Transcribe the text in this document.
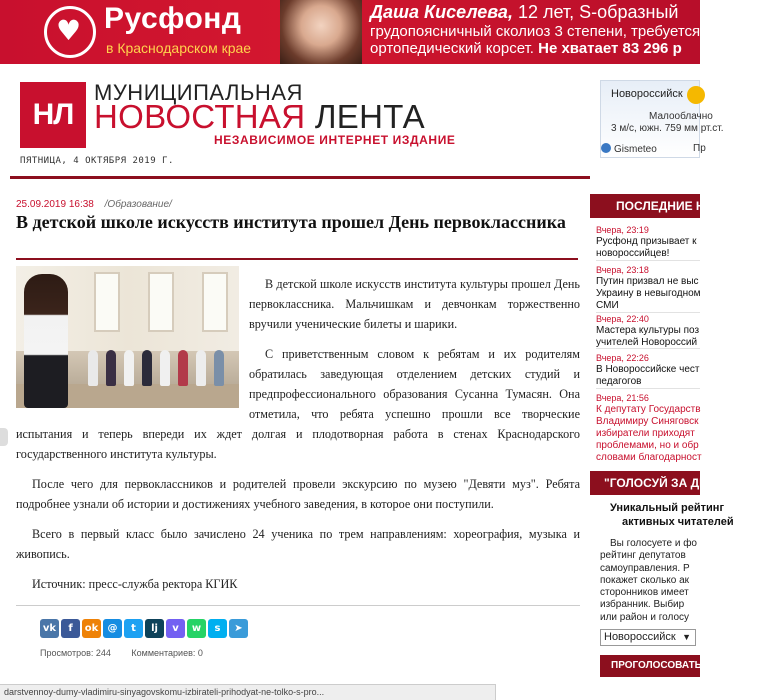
♥ Русфонд
в Краснодарском крае
Даша Киселева, 12 лет, S-образный
грудопоясничный сколиоз 3 степени, требуется
ортопедический корсет. Не хватает 83 296 р
НЛ
МУНИЦИПАЛЬНАЯ
НОВОСТНАЯ ЛЕНТА
НЕЗАВИСИМОЕ ИНТЕРНЕТ ИЗДАНИЕ
ПЯТНИЦА, 4 ОКТЯБРЯ 2019 Г.
Новороссийск
Малооблачно
3 м/с, южн. 759 мм рт.ст.
Gismeteo	Пр
25.09.2019 16:38 /Образование/
В детской школе искусств института прошел День первоклассника

В детской школе искусств института культуры прошел День первоклассника. Мальчишкам и девчонкам торжественно вручили ученические билеты и шарики.

С приветственным словом к ребятам и их родителям обратилась заведующая отделением детских студий и предпрофессионального образования Сусанна Тумасян. Она отметила, что ребята успешно прошли все творческие испытания и теперь впереди их ждет долгая и плодотворная работа в стенах Краснодарского государственного института культуры.

После чего для первоклассников и родителей провели экскурсию по музею "Девяти муз". Ребята подробнее узнали об истории и достижениях учебного заведения, в которое они поступили.

Всего в первый класс было зачислено 24 ученика по трем направлениям: хореография, музыка и живопись.

Источник: пресс-служба ректора КГИК

vk	f	ok @	t	lj	v	w	s	➤
Просмотров: 244 Комментариев: 0
darstvennoy-dumy-vladimiru-sinyagovskomu-izbirateli-prihodyat-ne-tolko-s-pro...
ПОСЛЕДНИЕ НОВОСТИ
Вчера, 23:19
Русфонд призывает к
новороссийцев!
Вчера, 23:18
Путин призвал не выс
Украину в невыгодном
СМИ
Вчера, 22:40
Мастера культуры поз
учителей Новороссий
Вчера, 22:26
В Новороссийске чест
педагогов
Вчера, 21:56
К депутату Государств
Владимиру Синяговск
избиратели приходят
проблемами, но и обр
словами благодарност
"ГОЛОСУЙ ЗА ДЕПУТАТА"
Уникальный рейтинг
активных читателей
Вы голосуете и фо
рейтинг депутатов
самоуправления. Р
покажет сколько ак
сторонников имеет
избранник. Выбир
или район и голосу
Новороссийск ▼
ПРОГОЛОСОВАТЬ ЗА
